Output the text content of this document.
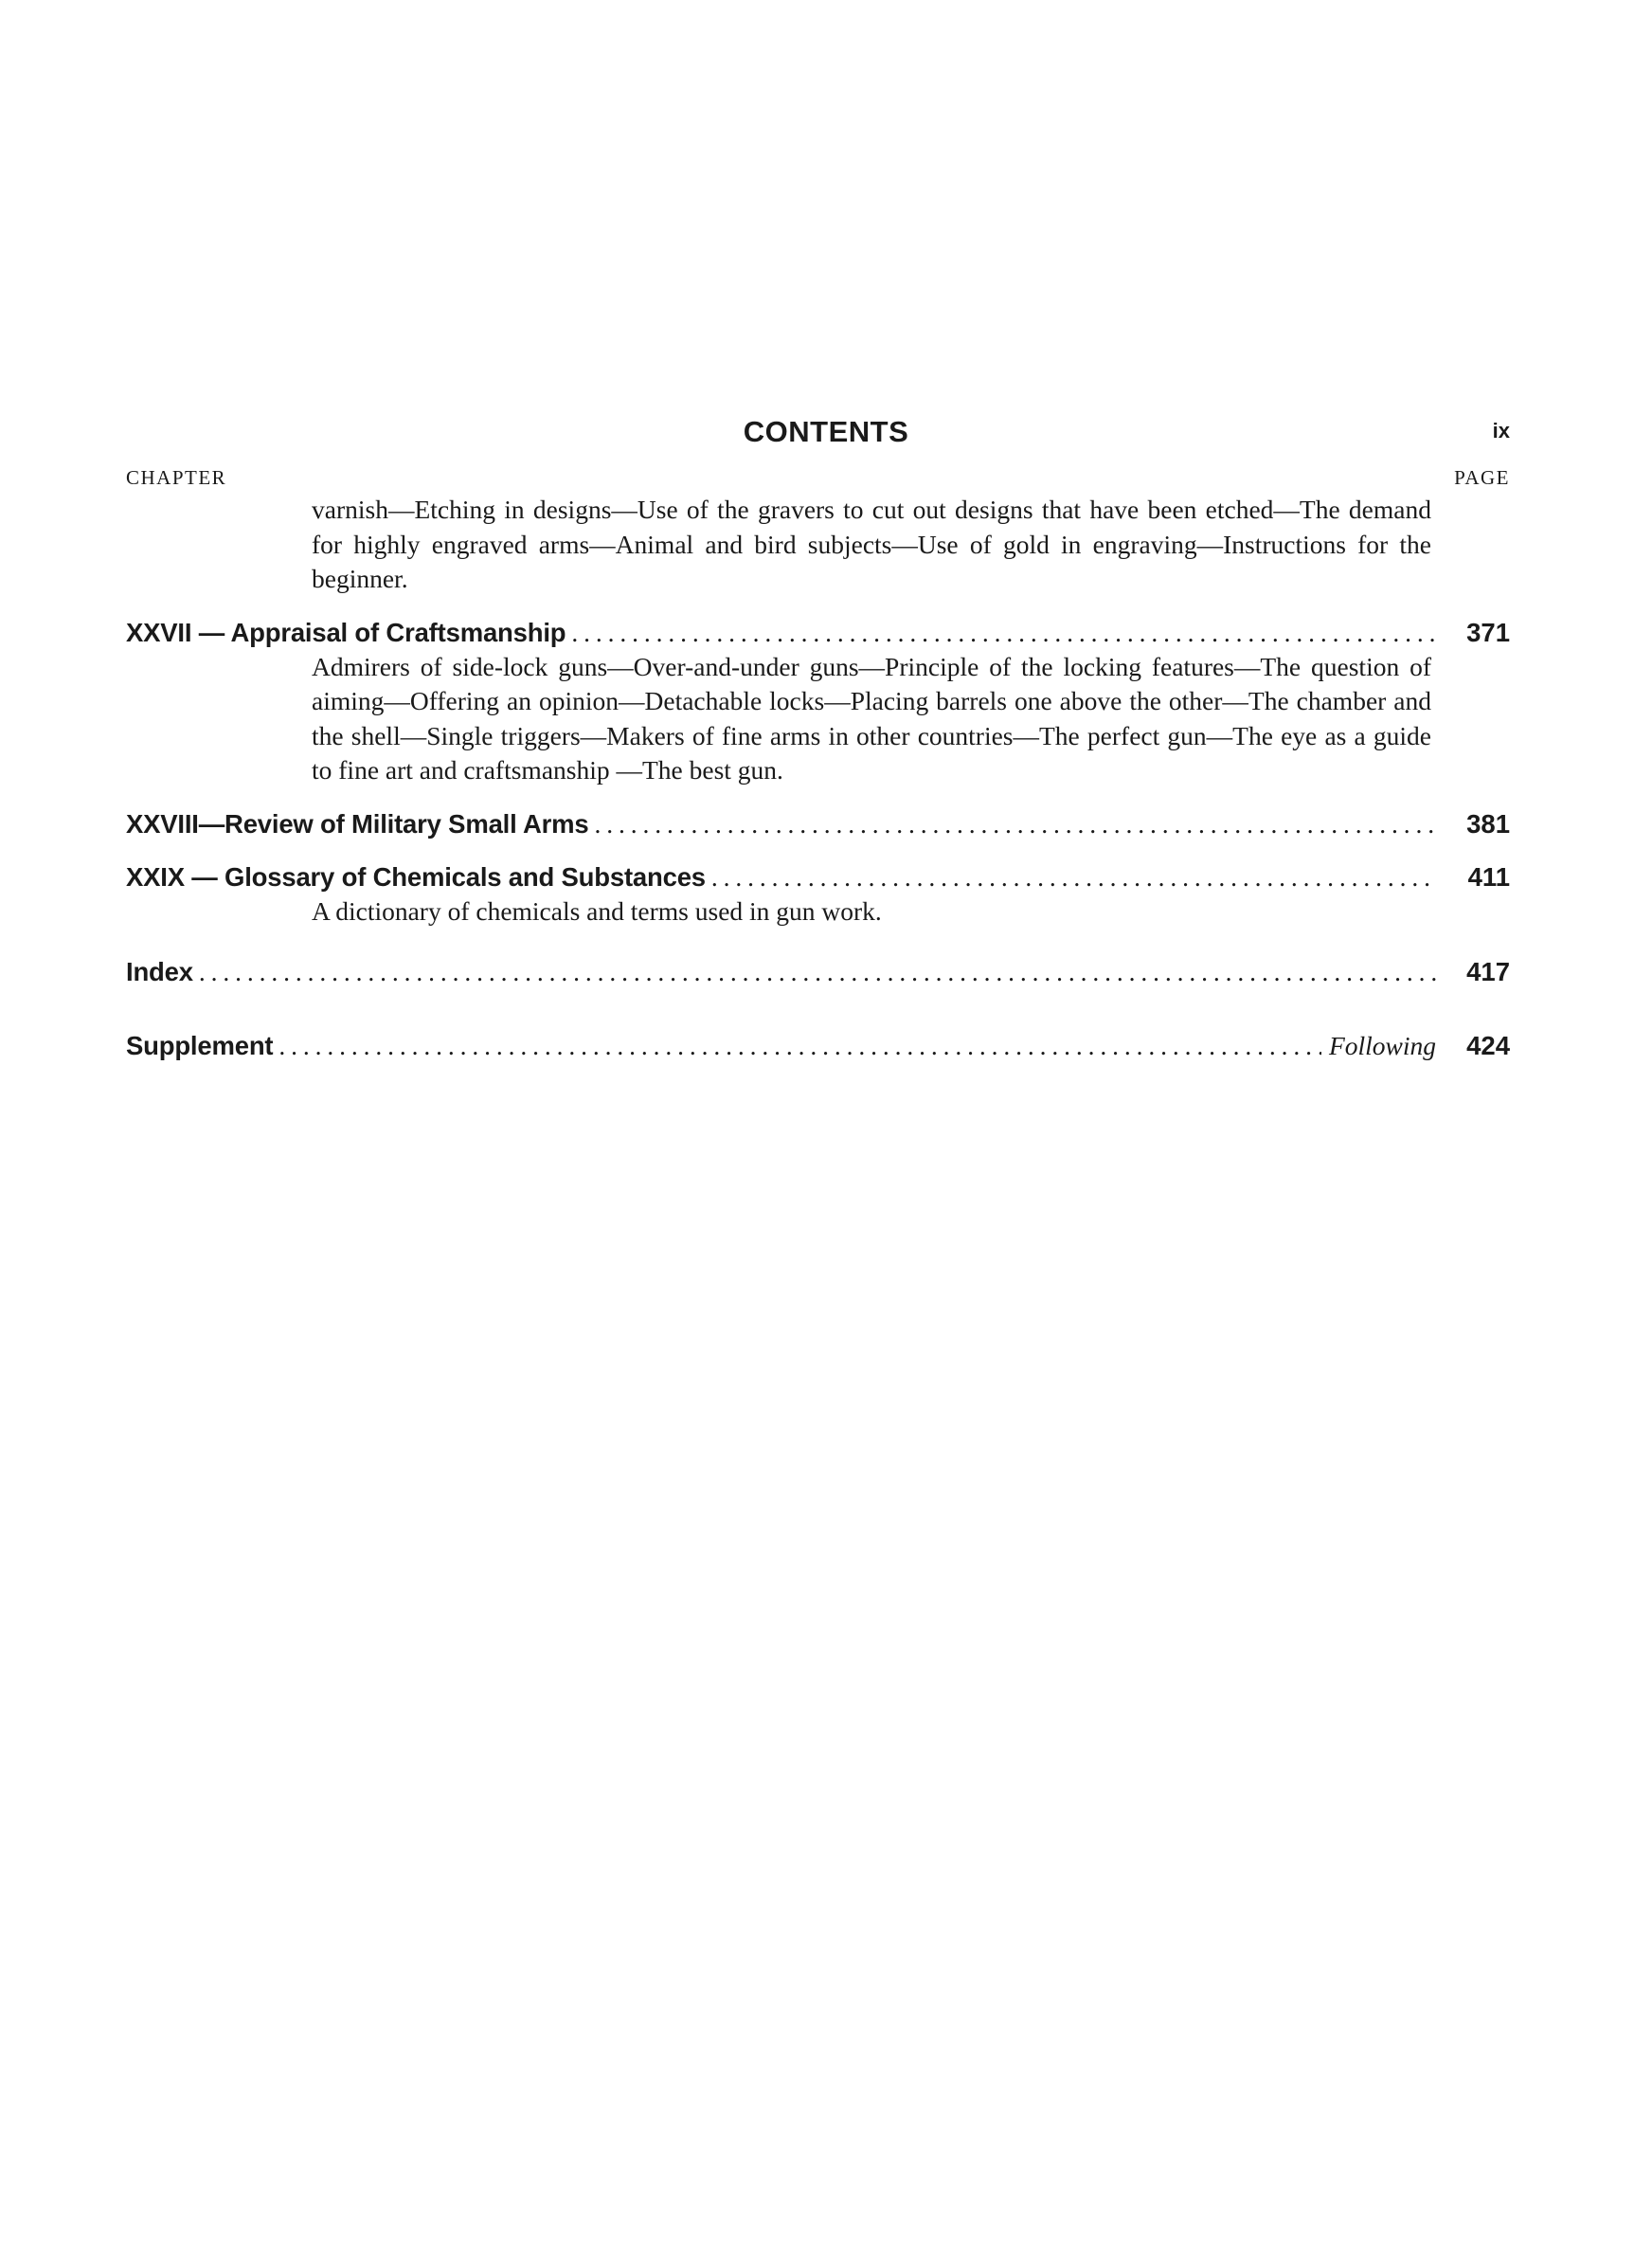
CONTENTS	ix
CHAPTER	PAGE

varnish—Etching in designs—Use of the gravers to cut out designs that have been etched—The demand for highly engraved arms—Animal and bird subjects—Use of gold in engraving—Instructions for the beginner.

XXVII — Appraisal of Craftsmanship . . .	371

Admirers of side-lock guns—Over-and-under guns—Principle of the locking features—The question of aiming—Offering an opinion—Detachable locks—Placing barrels one above the other—The chamber and the shell—Single triggers—Makers of fine arms in other countries—The perfect gun—The eye as a guide to fine art and craftsmanship —The best gun.

XXVIII—Review of Military Small Arms . . .	381
XXIX — Glossary of Chemicals and Substances . . .	411

A dictionary of chemicals and terms used in gun work.

Index . . .	417
Supplement . . .	Following	424
